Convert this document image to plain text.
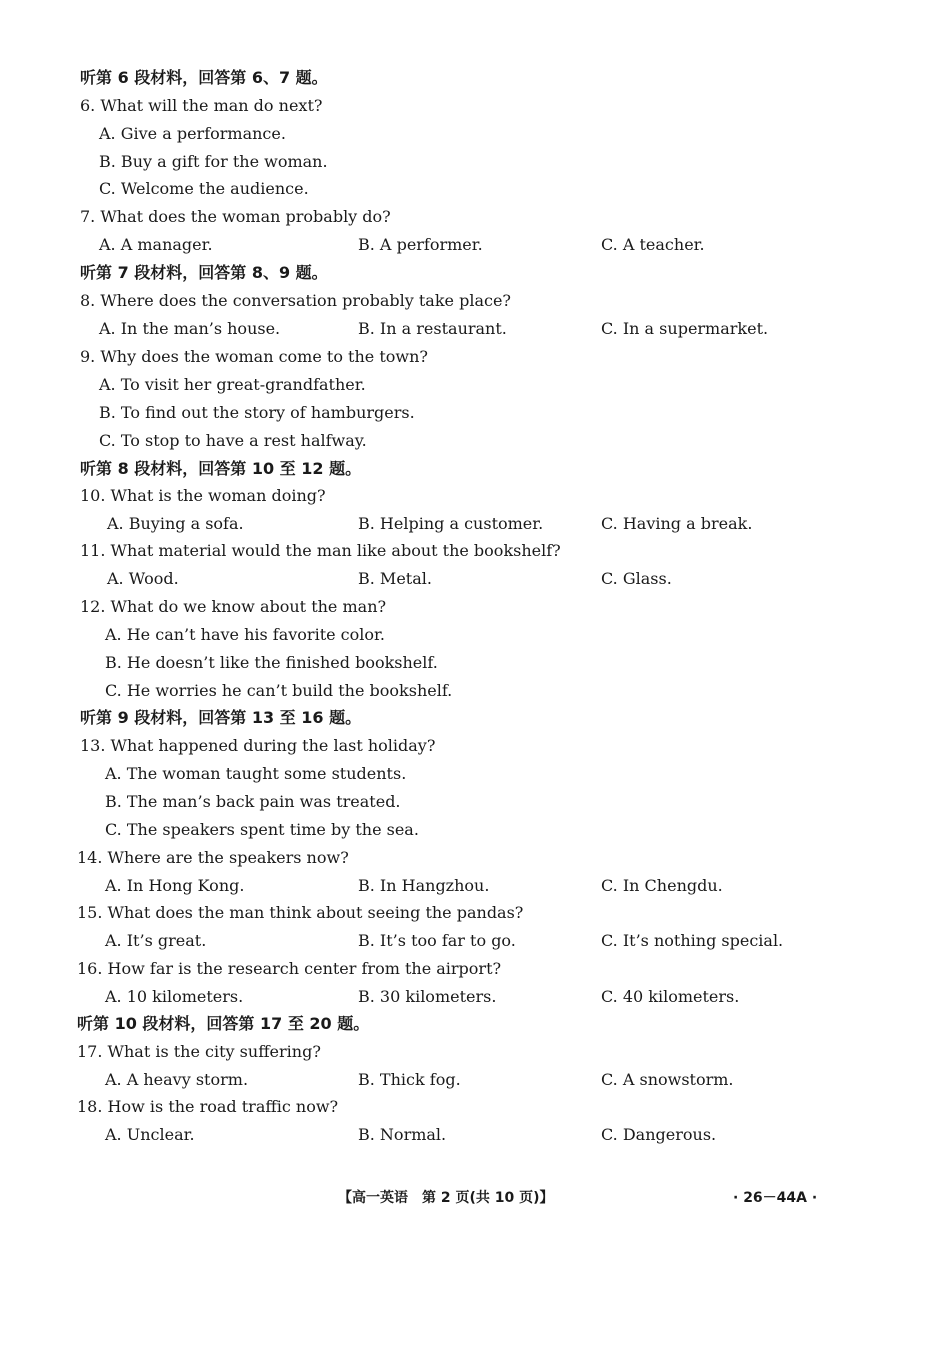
听第 6 段材料，回答第 6、7 题。
6. What will the man do next?
A. Give a performance.
B. Buy a gift for the woman.
C. Welcome the audience.
7. What does the woman probably do?
A. A manager.	B. A performer.	C. A teacher.
听第 7 段材料，回答第 8、9 题。
8. Where does the conversation probably take place?
A. In the man’s house.	B. In a restaurant.	C. In a supermarket.
9. Why does the woman come to the town?
A. To visit her great-grandfather.
B. To find out the story of hamburgers.
C. To stop to have a rest halfway.
听第 8 段材料，回答第 10 至 12 题。
10. What is the woman doing?
A. Buying a sofa.	B. Helping a customer.	C. Having a break.
11. What material would the man like about the bookshelf?
A. Wood.	B. Metal.	C. Glass.
12. What do we know about the man?
A. He can’t have his favorite color.
B. He doesn’t like the finished bookshelf.
C. He worries he can’t build the bookshelf.
听第 9 段材料，回答第 13 至 16 题。
13. What happened during the last holiday?
A. The woman taught some students.
B. The man’s back pain was treated.
C. The speakers spent time by the sea.
14. Where are the speakers now?
A. In Hong Kong.	B. In Hangzhou.	C. In Chengdu.
15. What does the man think about seeing the pandas?
A. It’s great.	B. It’s too far to go.	C. It’s nothing special.
16. How far is the research center from the airport?
A. 10 kilometers.	B. 30 kilometers.	C. 40 kilometers.
听第 10 段材料，回答第 17 至 20 题。
17. What is the city suffering?
A. A heavy storm.	B. Thick fog.	C. A snowstorm.
18. How is the road traffic now?
A. Unclear.	B. Normal.	C. Dangerous.
【高一英语　第 2 页(共 10 页)】	· 26－44A ·
